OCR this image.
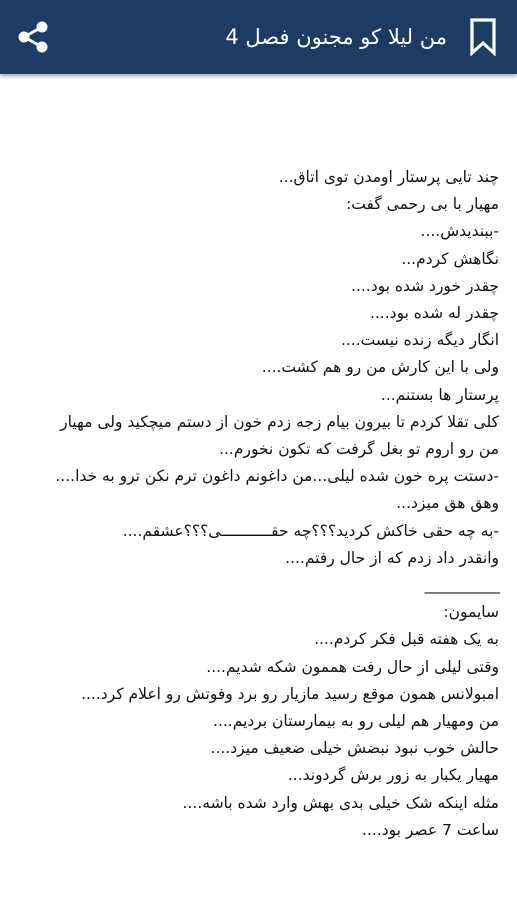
من لیلا کو مجنون فصل 4
چند تایی پرستار اومدن توی اتاق...
مهیار با بی رحمی گفت:
-ببندیدش....
نگاهش کردم...
چقدر خورد شده بود....
چقدر له شده بود....
انگار دیگه زنده نیست....
ولی با این کارش من رو هم کشت....
پرستار ها بستنم...
کلی تقلا کردم تا بیرون بیام زجه زدم خون از دستم میچکید ولی مهیار
من رو اروم تو بغل گرفت که تکون نخورم...
-دستت پره خون شده لیلی...من داغونم داغون ترم نکن ترو به خدا....
وهق هق میزد...
-به چه حقی خاکش کردید؟؟؟چه حقـــــــــــی؟؟؟عشقم....
وانقدر داد زدم که از حال رفتم....
___________
سایمون:
به یک هفته قبل فکر کردم....
وقتی لیلی از حال رفت هممون شکه شدیم....
امبولانس همون موقع رسید مازیار رو برد وفوتش رو اعلام کرد....
من ومهیار هم لیلی رو به بیمارستان بردیم....
حالش خوب نبود نبضش خیلی ضعیف میزد....
مهیار یکبار به زور برش گردوند...
مثله اینکه شک خیلی بدی بهش وارد شده باشه....
ساعت 7 عصر بود....
